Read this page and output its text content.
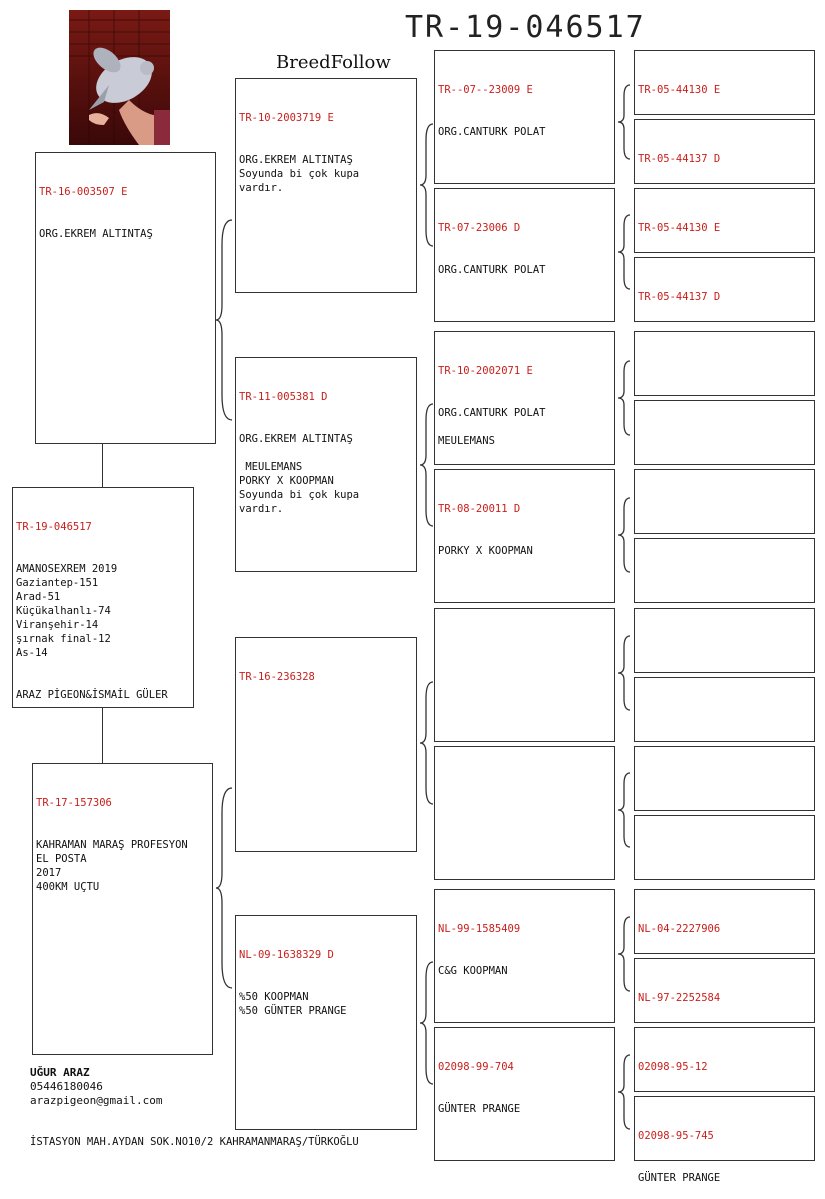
TR-19-046517
BreedFollow

TR-19-046517

AMANOSEXREM 2019
Gaziantep-151
Arad-51
Küçükalhanlı-74
Viranşehir-14
şırnak final-12
As-14

ARAZ PİGEON&İSMAİL GÜLER

TR-16-003507 E

ORG.EKREM ALTINTAŞ

TR-17-157306

KAHRAMAN MARAŞ PROFESYON
EL POSTA
2017
400KM UÇTU

TR-10-2003719 E

ORG.EKREM ALTINTAŞ
Soyunda bi çok kupa
vardır.

TR-11-005381 D

ORG.EKREM ALTINTAŞ

MEULEMANS
PORKY X KOOPMAN
Soyunda bi çok kupa
vardır.

TR-16-236328

NL-09-1638329 D

%50 KOOPMAN
%50 GÜNTER PRANGE

TR--07--23009 E

ORG.CANTURK POLAT

TR-07-23006 D

ORG.CANTURK POLAT

TR-10-2002071 E

ORG.CANTURK POLAT

MEULEMANS

TR-08-20011 D

PORKY X KOOPMAN

NL-99-1585409

C&G KOOPMAN

02098-99-704

GÜNTER PRANGE

TR-05-44130 E

TR-05-44137 D

TR-05-44130 E

TR-05-44137 D

NL-04-2227906

NL-97-2252584

02098-95-12

02098-95-745

GÜNTER PRANGE

UĞUR ARAZ
05446180046
arazpigeon@gmail.com
İSTASYON MAH.AYDAN SOK.NO10/2 KAHRAMANMARAŞ/TÜRKOĞLU
